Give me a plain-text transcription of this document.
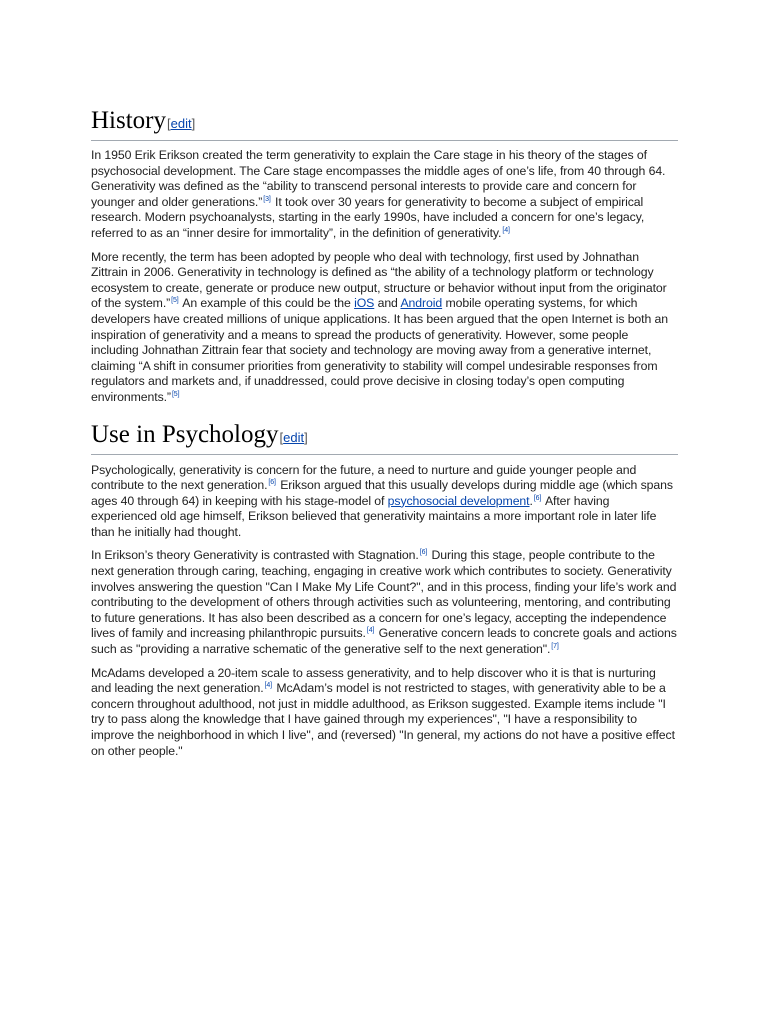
History[edit]

In 1950 Erik Erikson created the term generativity to explain the Care stage in his theory of the stages of psychosocial development. The Care stage encompasses the middle ages of one’s life, from 40 through 64. Generativity was defined as the “ability to transcend personal interests to provide care and concern for younger and older generations.”[3] It took over 30 years for generativity to become a subject of empirical research. Modern psychoanalysts, starting in the early 1990s, have included a concern for one’s legacy, referred to as an “inner desire for immortality”, in the definition of generativity.[4]

More recently, the term has been adopted by people who deal with technology, first used by Johnathan Zittrain in 2006. Generativity in technology is defined as “the ability of a technology platform or technology ecosystem to create, generate or produce new output, structure or behavior without input from the originator of the system.”[5] An example of this could be the iOS and Android mobile operating systems, for which developers have created millions of unique applications. It has been argued that the open Internet is both an inspiration of generativity and a means to spread the products of generativity. However, some people including Johnathan Zittrain fear that society and technology are moving away from a generative internet, claiming “A shift in consumer priorities from generativity to stability will compel undesirable responses from regulators and markets and, if unaddressed, could prove decisive in closing today’s open computing environments.”[5]

Use in Psychology[edit]

Psychologically, generativity is concern for the future, a need to nurture and guide younger people and contribute to the next generation.[6] Erikson argued that this usually develops during middle age (which spans ages 40 through 64) in keeping with his stage-model of psychosocial development.[6] After having experienced old age himself, Erikson believed that generativity maintains a more important role in later life than he initially had thought.

In Erikson’s theory Generativity is contrasted with Stagnation.[6] During this stage, people contribute to the next generation through caring, teaching, engaging in creative work which contributes to society. Generativity involves answering the question "Can I Make My Life Count?", and in this process, finding your life’s work and contributing to the development of others through activities such as volunteering, mentoring, and contributing to future generations. It has also been described as a concern for one’s legacy, accepting the independence lives of family and increasing philanthropic pursuits.[4] Generative concern leads to concrete goals and actions such as "providing a narrative schematic of the generative self to the next generation".[7]

McAdams developed a 20-item scale to assess generativity, and to help discover who it is that is nurturing and leading the next generation.[4] McAdam’s model is not restricted to stages, with generativity able to be a concern throughout adulthood, not just in middle adulthood, as Erikson suggested. Example items include "I try to pass along the knowledge that I have gained through my experiences", "I have a responsibility to improve the neighborhood in which I live", and (reversed) "In general, my actions do not have a positive effect on other people."
